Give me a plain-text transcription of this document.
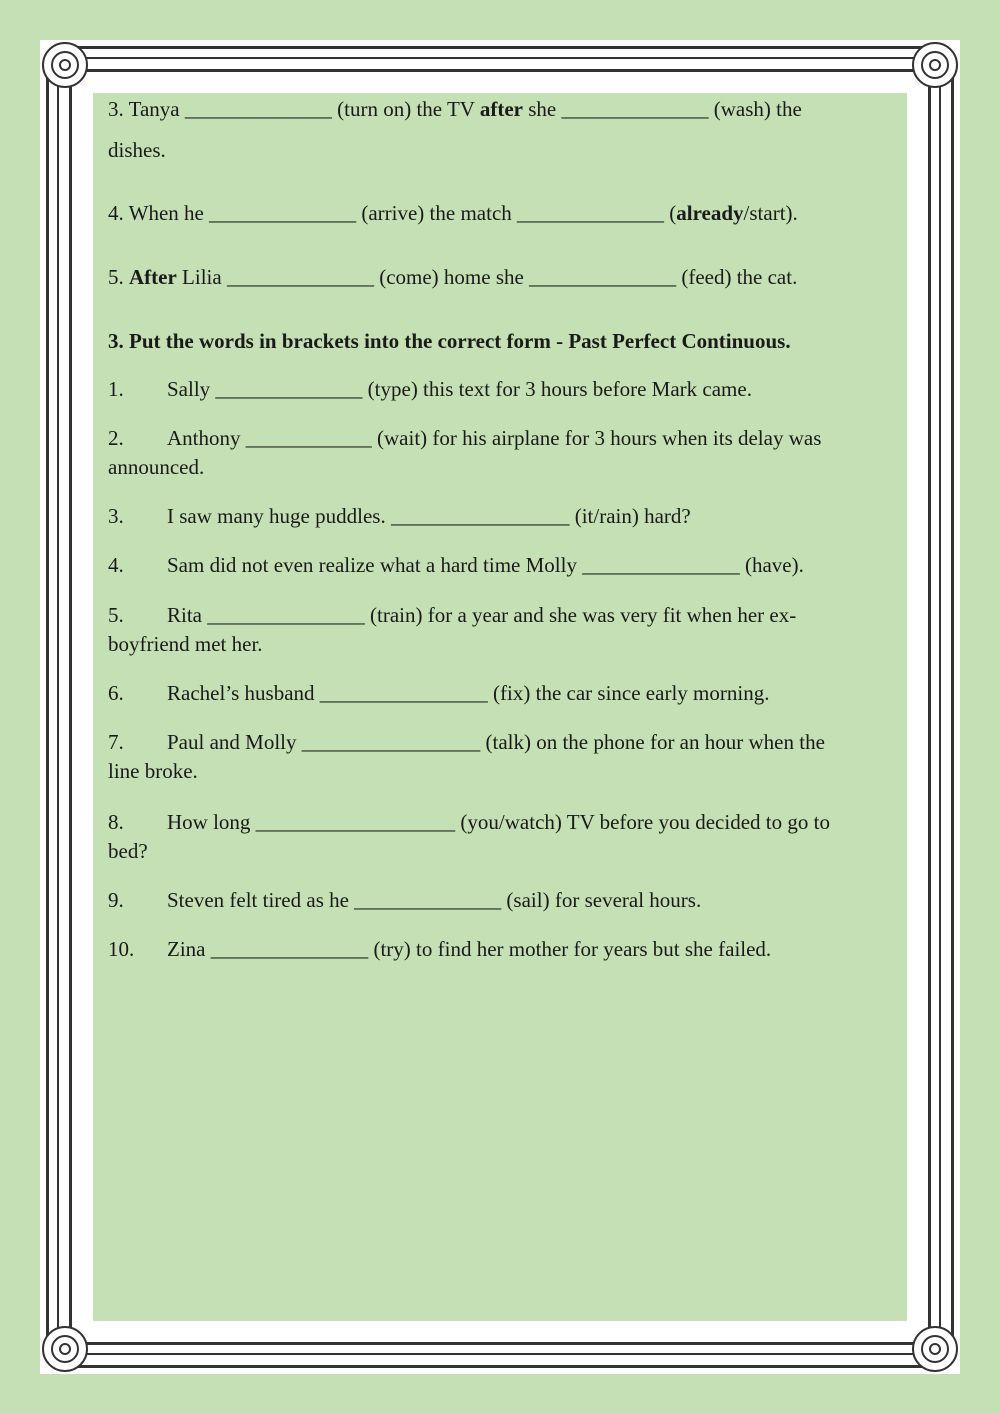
3. Tanya ______________ (turn on) the TV after she ______________ (wash) the
dishes.
4. When he ______________ (arrive) the match ______________ (already/start).
5. After Lilia ______________ (come) home she ______________ (feed) the cat.
3. Put the words in brackets into the correct form - Past Perfect Continuous.
1. Sally ______________ (type) this text for 3 hours before Mark came.
2. Anthony ____________ (wait) for his airplane for 3 hours when its delay was
announced.
3. I saw many huge puddles. _________________ (it/rain) hard?
4. Sam did not even realize what a hard time Molly _______________ (have).
5. Rita _______________ (train) for a year and she was very fit when her ex-
boyfriend met her.
6. Rachel’s husband ________________ (fix) the car since early morning.
7. Paul and Molly _________________ (talk) on the phone for an hour when the
line broke.
8. How long ___________________ (you/watch) TV before you decided to go to
bed?
9. Steven felt tired as he ______________ (sail) for several hours.
10. Zina _______________ (try) to find her mother for years but she failed.
